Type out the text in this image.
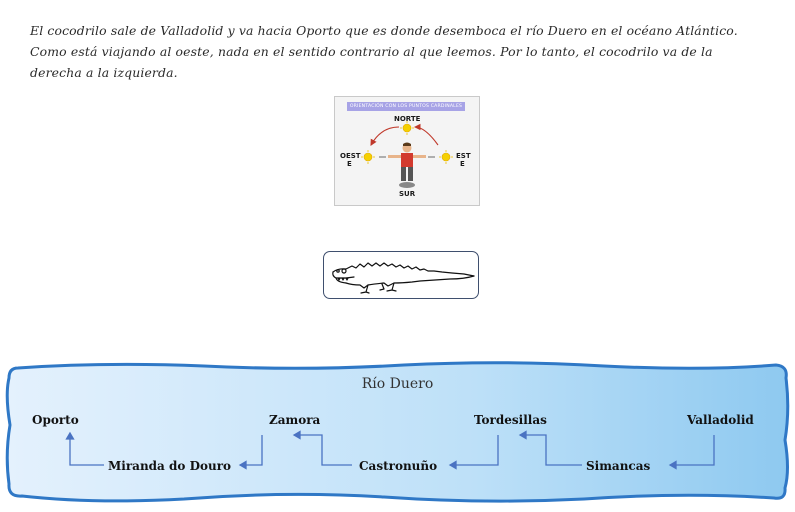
El cocodrilo sale de Valladolid y va hacia Oporto que es donde desemboca el río Duero en el océano Atlántico.
Como está viajando al oeste, nada en el sentido contrario al que leemos. Por lo tanto, el cocodrilo va de la
derecha a la izquierda.
ORIENTACIÓN CON LOS PUNTOS CARDINALES
NORTE
OEST
E
EST
E
SUR
Río Duero
Oporto	Zamora	Tordesillas	Valladolid
Miranda do Douro	Castronuño	Simancas
